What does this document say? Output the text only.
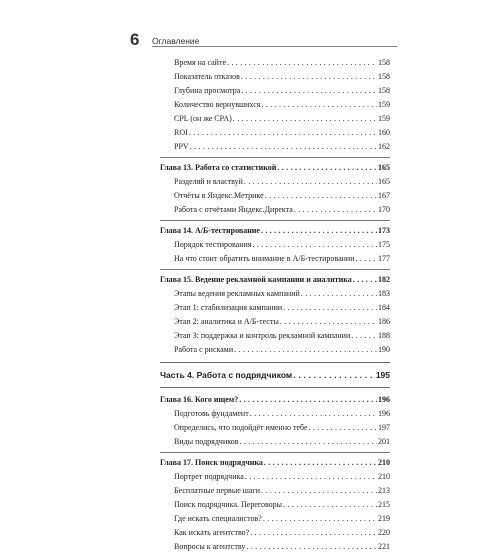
6 Оглавление
Время на сайте . . .	158
Показатель отказов . . .	158
Глубина просмотра . . .	158
Количество вернувшихся . . .	159
CPL (он же CPA) . . .	159
ROI . . .	160
PPV . . .	162
Глава 13. Работа со статистикой . . .	165
Разделяй и властвуй . . .	165
Отчёты в Яндекс.Метрике . . .	167
Работа с отчётами Яндекс.Директа . . .	170
Глава 14. А/Б-тестирование . . .	173
Порядок тестирования . . .	175
На что стоит обратить внимание в А/Б-тестировании . . .	177
Глава 15. Ведение рекламной кампании и аналитика . . .	182
Этапы ведения рекламных кампаний . . .	183
Этап 1: стабилизация кампании . . .	184
Этап 2: аналитика и А/Б-тесты . . .	186
Этап 3: поддержка и контроль рекламной кампании . . .	188
Работа с рисками . . .	190
Часть 4. Работа с подрядчиком . . .	195
Глава 16. Кого ищем? . . .	196
Подготовь фундамент . . .	196
Определись, что подойдёт именно тебе . . .	197
Виды подрядчиков . . .	201
Глава 17. Поиск подрядчика . . .	210
Портрет подрядчика . . .	210
Бесплатные первые шаги . . .	213
Поиск подрядчика. Переговоры . . .	215
Где искать специалистов? . . .	219
Как искать агентство? . . .	220
Вопросы к агентству . . .	221
